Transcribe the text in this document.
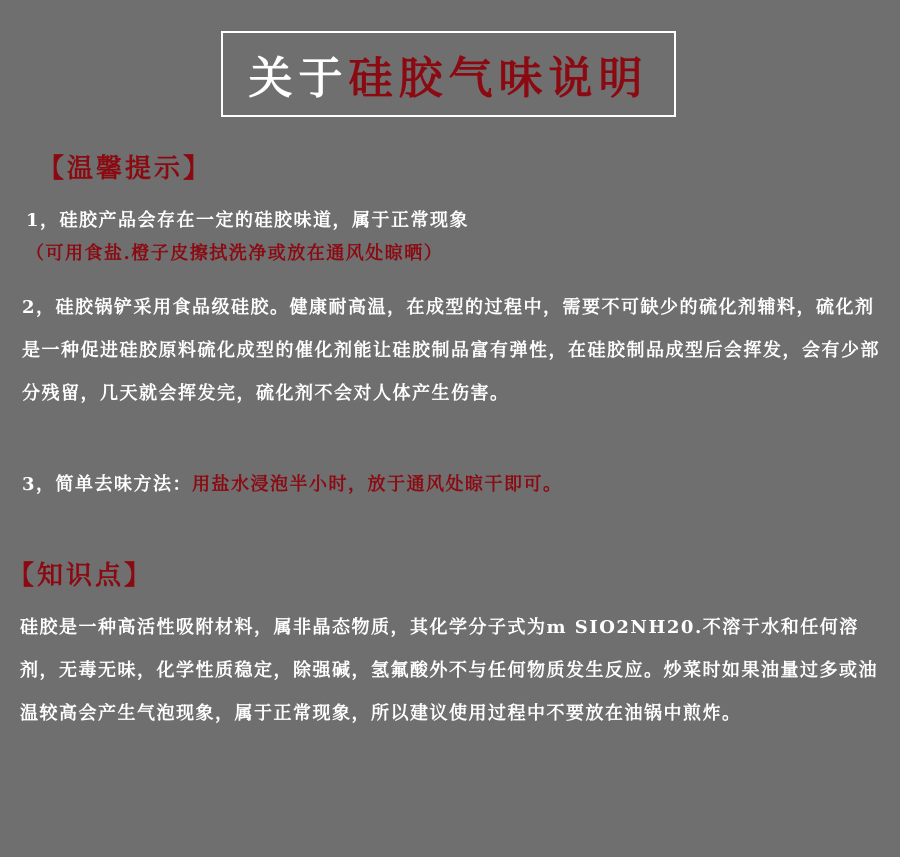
关于 硅胶气味说明
【温馨提示】
1，硅胶产品会存在一定的硅胶味道，属于正常现象（可用食盐.橙子皮擦拭洗净或放在通风处晾晒）
2，硅胶锅铲采用食品级硅胶。健康耐高温，在成型的过程中，需要不可缺少的硫化剂辅料，硫化剂是一种促进硅胶原料硫化成型的催化剂能让硅胶制品富有弹性，在硅胶制品成型后会挥发，会有少部分残留，几天就会挥发完，硫化剂不会对人体产生伤害。
3，简单去味方法：用盐水浸泡半小时，放于通风处晾干即可。
【知识点】
硅胶是一种高活性吸附材料，属非晶态物质，其化学分子式为m SIO2NH20.不溶于水和任何溶剂，无毒无味，化学性质稳定，除强碱，氢氟酸外不与任何物质发生反应。炒菜时如果油量过多或油温较高会产生气泡现象，属于正常现象，所以建议使用过程中不要放在油锅中煎炸。
